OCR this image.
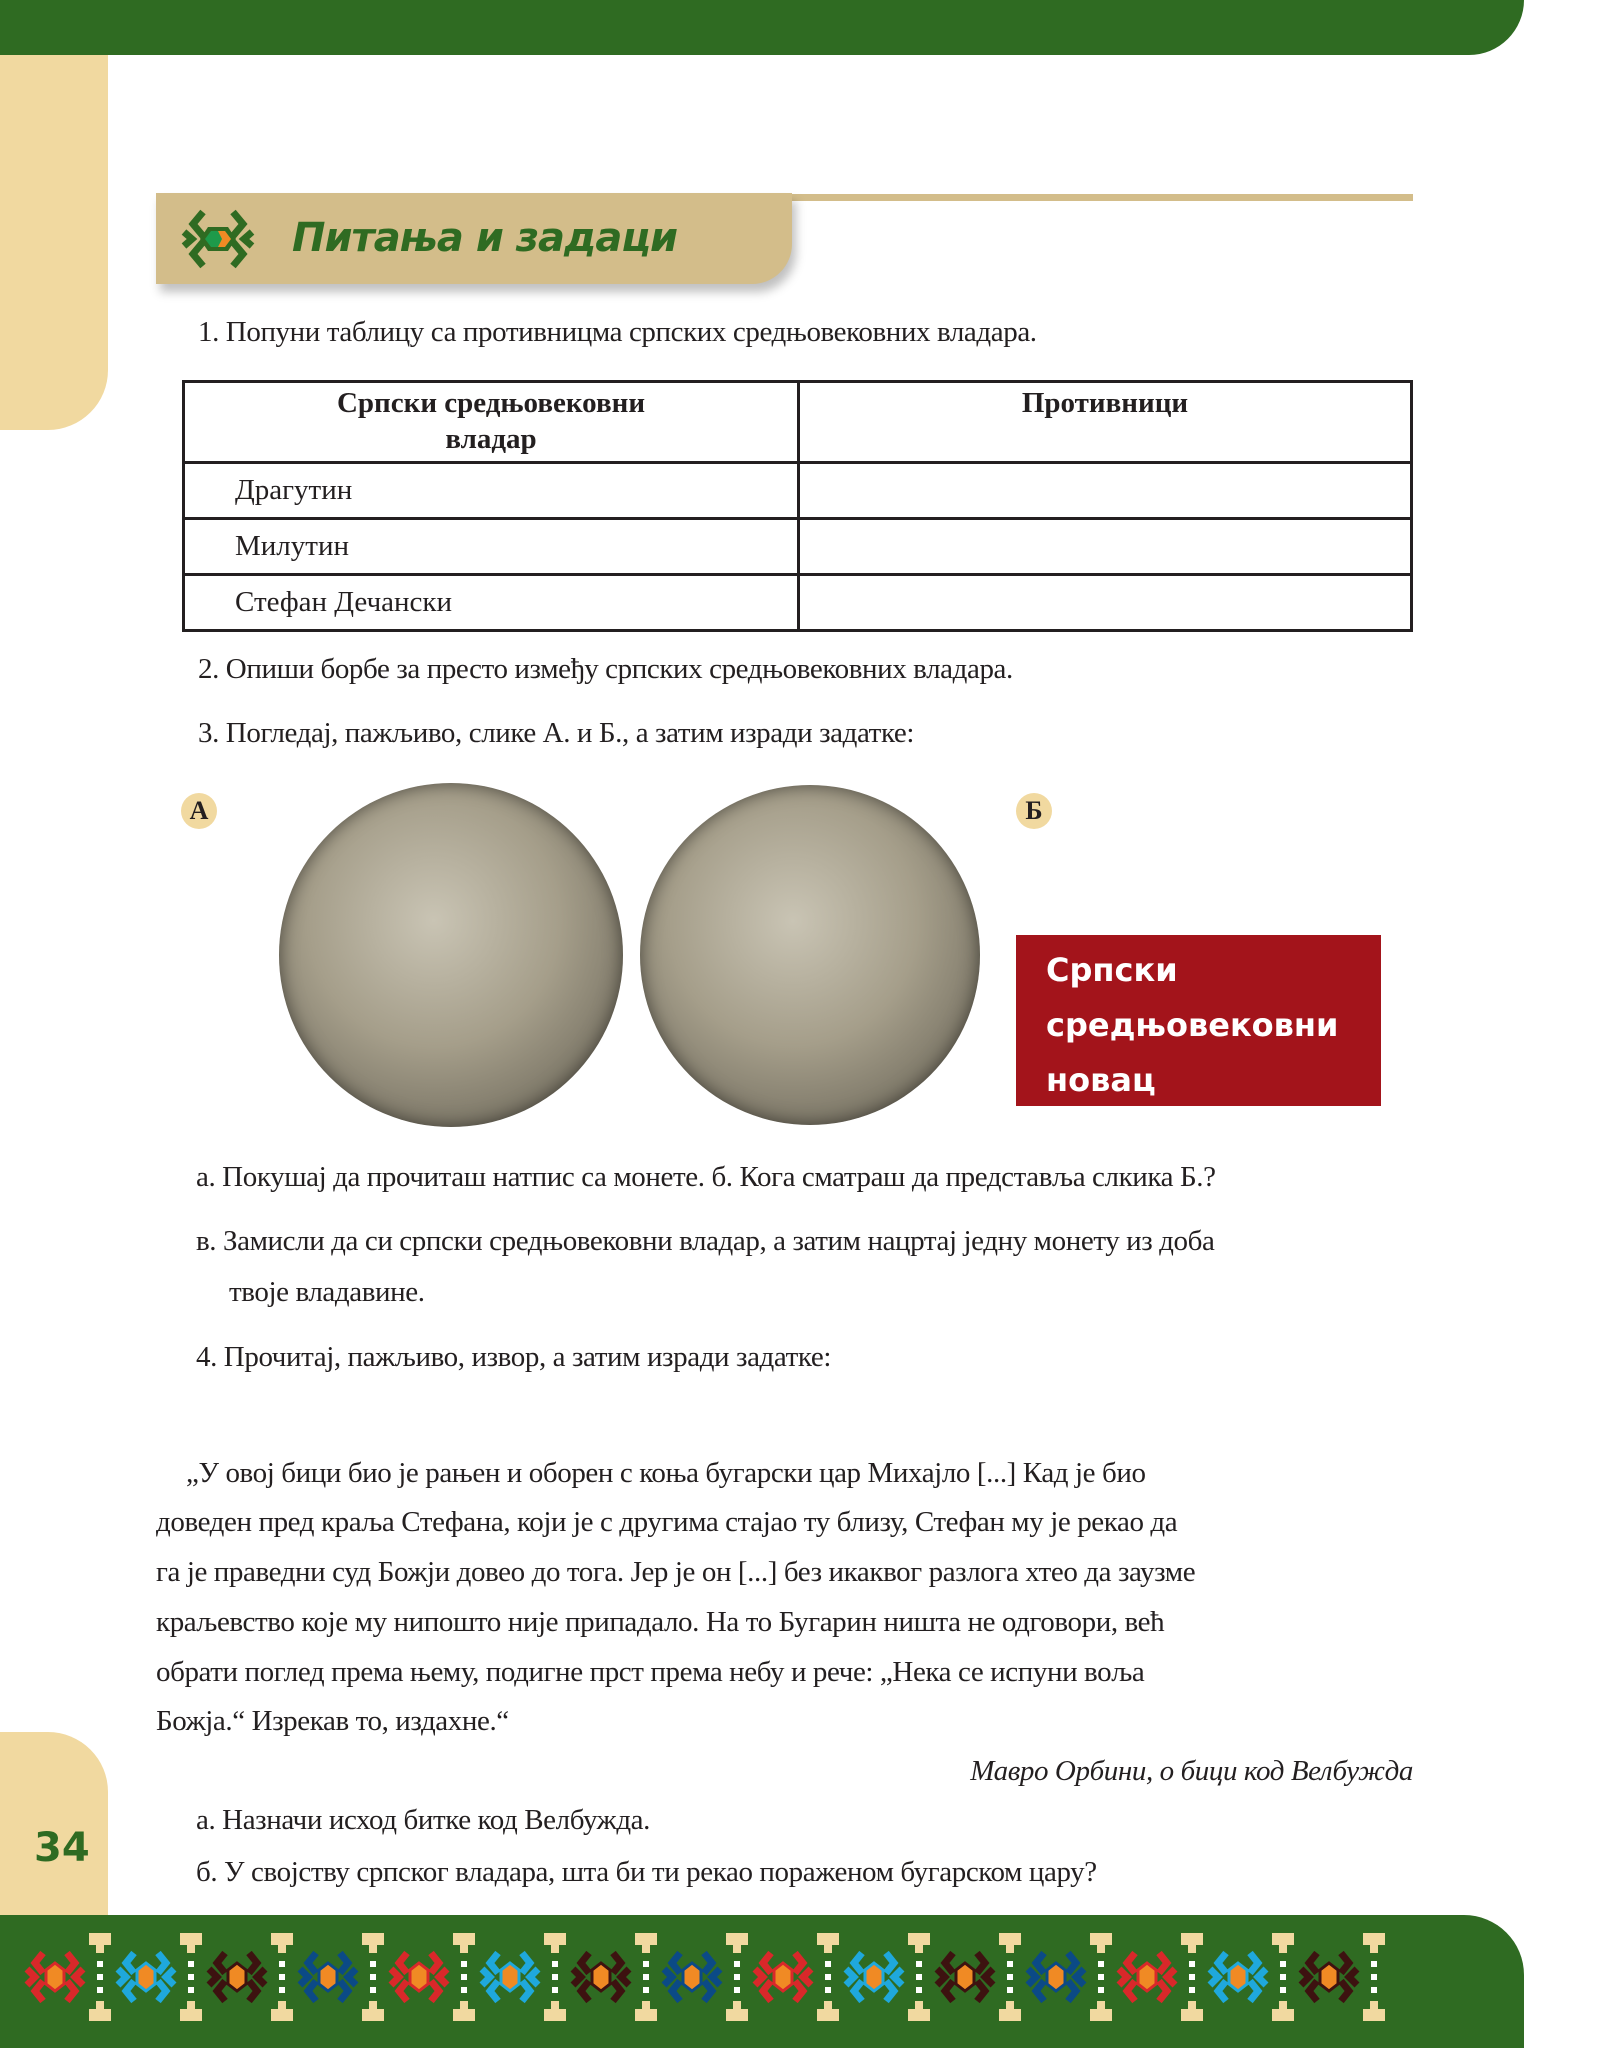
34
Питања и задаци
1. Попуни таблицу са противницма српских средњовековних владара.
Српски средњовековни владар	Противници
Драгутин	
Милутин	
Стефан Дечански	
2. Опиши борбе за престо између српских средњовековних владара.
3. Погледај, пажљиво, слике А. и Б., а затим изради задатке:
А	Б
Српски
средњовековни
новац
а. Покушај да прочиташ натпис са монете. б. Кога сматраш да представља слкика Б.?
в. Замисли да си српски средњовековни владар, а затим нацртај једну монету из доба
твоје владавине.
4. Прочитај, пажљиво, извор, а затим изради задатке:
„У овој бици био је рањен и оборен с коња бугарски цар Михајло [...] Кад је био
доведен пред краља Стефана, који је с другима стајао ту близу, Стефан му је рекао да
га је праведни суд Божји довео до тога. Јер је он [...] без икаквог разлога хтео да заузме
краљевство које му нипошто није припадало. На то Бугарин ништа не одговори, већ
обрати поглед према њему, подигне прст према небу и рече: „Нека се испуни воља
Божја.“ Изрекав то, издахне.“
Мавро Орбини, о бици код Велбужда
а. Назначи исход битке код Велбужда.
б. У својству српског владара, шта би ти рекао пораженом бугарском цару?
